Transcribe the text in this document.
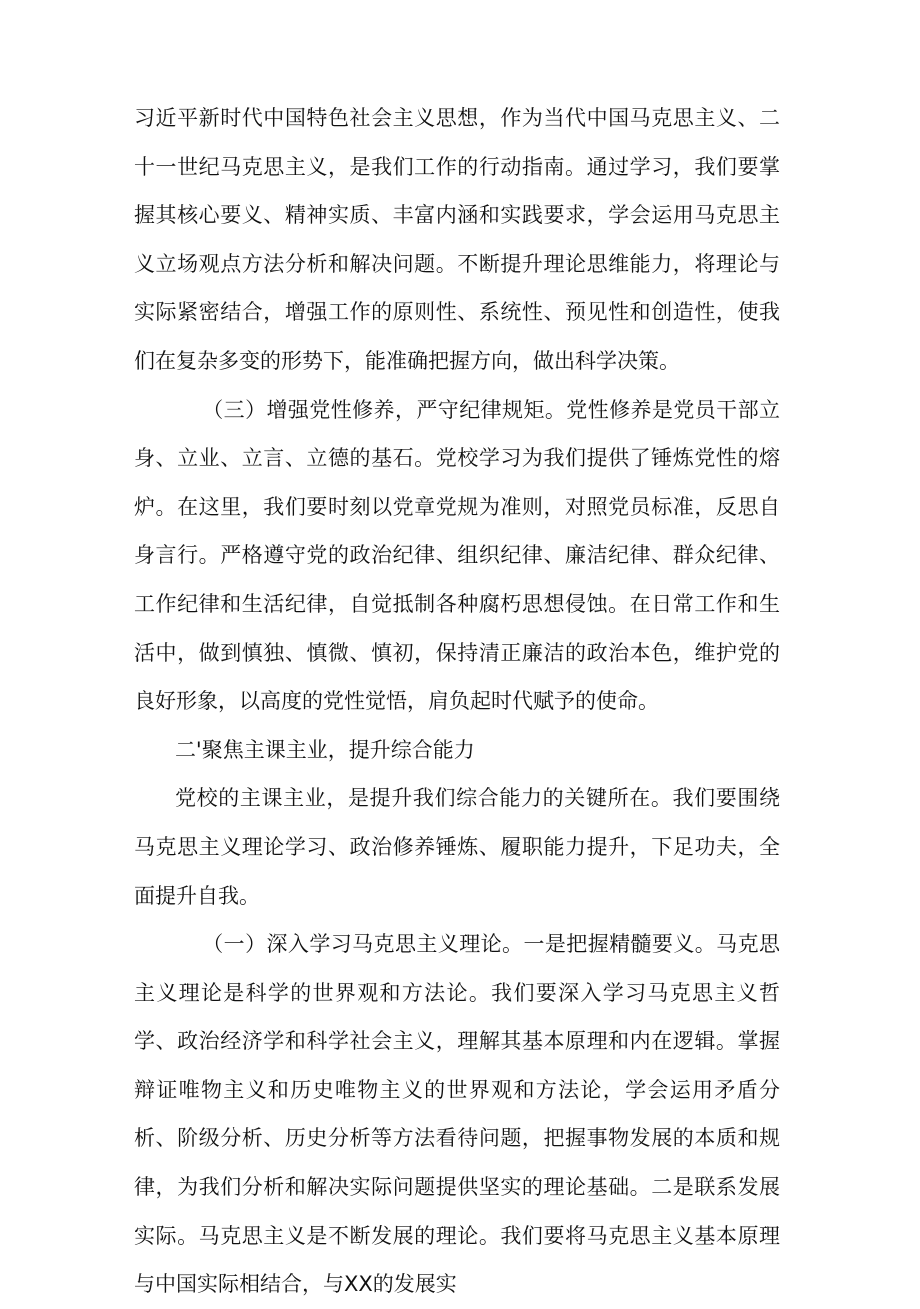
习近平新时代中国特色社会主义思想，作为当代中国马克思主义、二十一世纪马克思主义，是我们工作的行动指南。通过学习，我们要掌握其核心要义、精神实质、丰富内涵和实践要求，学会运用马克思主义立场观点方法分析和解决问题。不断提升理论思维能力，将理论与实际紧密结合，增强工作的原则性、系统性、预见性和创造性，使我们在复杂多变的形势下，能准确把握方向，做出科学决策。

（三）增强党性修养，严守纪律规矩。党性修养是党员干部立身、立业、立言、立德的基石。党校学习为我们提供了锤炼党性的熔炉。在这里，我们要时刻以党章党规为准则，对照党员标准，反思自身言行。严格遵守党的政治纪律、组织纪律、廉洁纪律、群众纪律、工作纪律和生活纪律，自觉抵制各种腐朽思想侵蚀。在日常工作和生活中，做到慎独、慎微、慎初，保持清正廉洁的政治本色，维护党的良好形象，以高度的党性觉悟，肩负起时代赋予的使命。

二'聚焦主课主业，提升综合能力

党校的主课主业，是提升我们综合能力的关键所在。我们要围绕马克思主义理论学习、政治修养锤炼、履职能力提升，下足功夫，全面提升自我。

（一）深入学习马克思主义理论。一是把握精髓要义。马克思主义理论是科学的世界观和方法论。我们要深入学习马克思主义哲学、政治经济学和科学社会主义，理解其基本原理和内在逻辑。掌握辩证唯物主义和历史唯物主义的世界观和方法论，学会运用矛盾分析、阶级分析、历史分析等方法看待问题，把握事物发展的本质和规律，为我们分析和解决实际问题提供坚实的理论基础。二是联系发展实际。马克思主义是不断发展的理论。我们要将马克思主义基本原理与中国实际相结合，与XX的发展实
